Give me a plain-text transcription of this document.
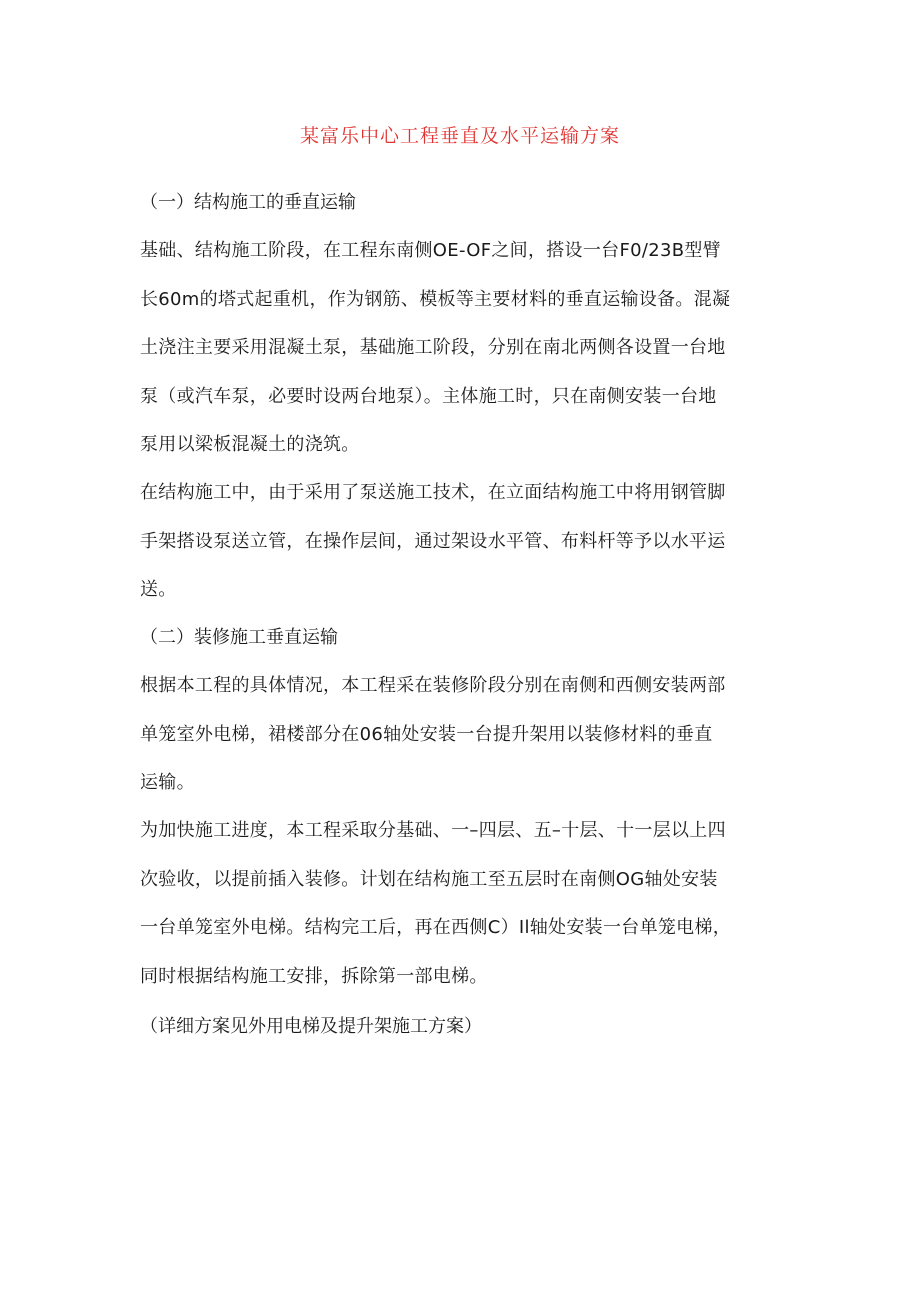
某富乐中心工程垂直及水平运输方案
（一）结构施工的垂直运输
基础、结构施工阶段，在工程东南侧OE-OF之间，搭设一台F0/23B型臂
长60m的塔式起重机，作为钢筋、模板等主要材料的垂直运输设备。混凝
土浇注主要采用混凝土泵，基础施工阶段，分别在南北两侧各设置一台地
泵（或汽车泵，必要时设两台地泵）。主体施工时，只在南侧安装一台地
泵用以梁板混凝土的浇筑。
在结构施工中，由于采用了泵送施工技术，在立面结构施工中将用钢管脚
手架搭设泵送立管，在操作层间，通过架设水平管、布料杆等予以水平运
送。
（二）装修施工垂直运输
根据本工程的具体情况，本工程采在装修阶段分别在南侧和西侧安装两部
单笼室外电梯，裙楼部分在06轴处安装一台提升架用以装修材料的垂直
运输。
为加快施工进度，本工程采取分基础、一–四层、五–十层、十一层以上四
次验收，以提前插入装修。计划在结构施工至五层时在南侧OG轴处安装
一台单笼室外电梯。结构完工后，再在西侧C）Il轴处安装一台单笼电梯，
同时根据结构施工安排，拆除第一部电梯。
（详细方案见外用电梯及提升架施工方案）
